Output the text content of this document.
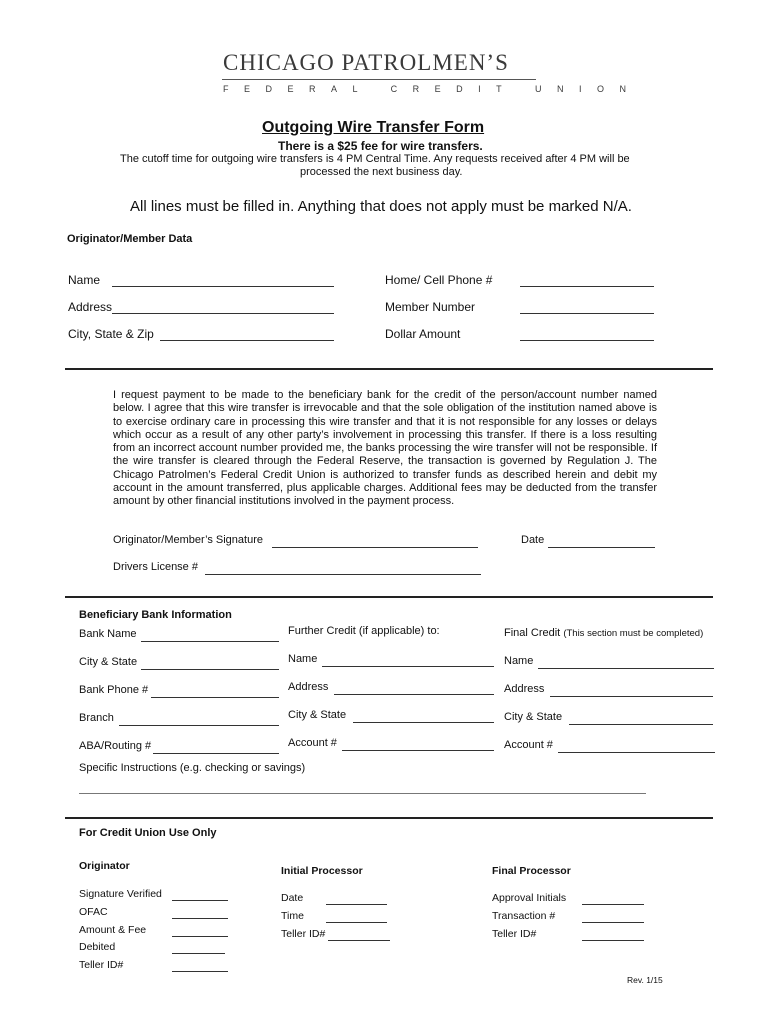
CHICAGO PATROLMEN’S
FEDERAL CREDIT UNION
Outgoing Wire Transfer Form
There is a $25 fee for wire transfers.
The cutoff time for outgoing wire transfers is 4 PM Central Time. Any requests received after 4 PM will be
processed the next business day.
All lines must be filled in. Anything that does not apply must be marked N/A.
Originator/Member Data
Name
Address
City, State & Zip
Home/ Cell Phone #
Member Number
Dollar Amount
I request payment to be made to the beneficiary bank for the credit of the person/account number named below. I agree that this wire transfer is irrevocable and that the sole obligation of the institution named above is to exercise ordinary care in processing this wire transfer and that it is not responsible for any losses or delays which occur as a result of any other party’s involvement in processing this transfer. If there is a loss resulting from an incorrect account number provided me, the banks processing the wire transfer will not be responsible. If the wire transfer is cleared through the Federal Reserve, the transaction is governed by Regulation J. The Chicago Patrolmen’s Federal Credit Union is authorized to transfer funds as described herein and debit my account in the amount transferred, plus applicable charges. Additional fees may be deducted from the transfer amount by other financial institutions involved in the payment process.
Originator/Member’s Signature	Date
Drivers License #
Beneficiary Bank Information
Bank Name
City & State
Bank Phone #
Branch
ABA/Routing #
Further Credit (if applicable) to:
Name
Address
City & State
Account #
Final Credit (This section must be completed)
Name
Address
City & State
Account #
Specific Instructions (e.g. checking or savings)
For Credit Union Use Only
Originator
Signature Verified
OFAC
Amount & Fee
Debited
Teller ID#
Initial Processor
Date
Time
Teller ID#
Final Processor
Approval Initials
Transaction #
Teller ID#
Rev. 1/15
